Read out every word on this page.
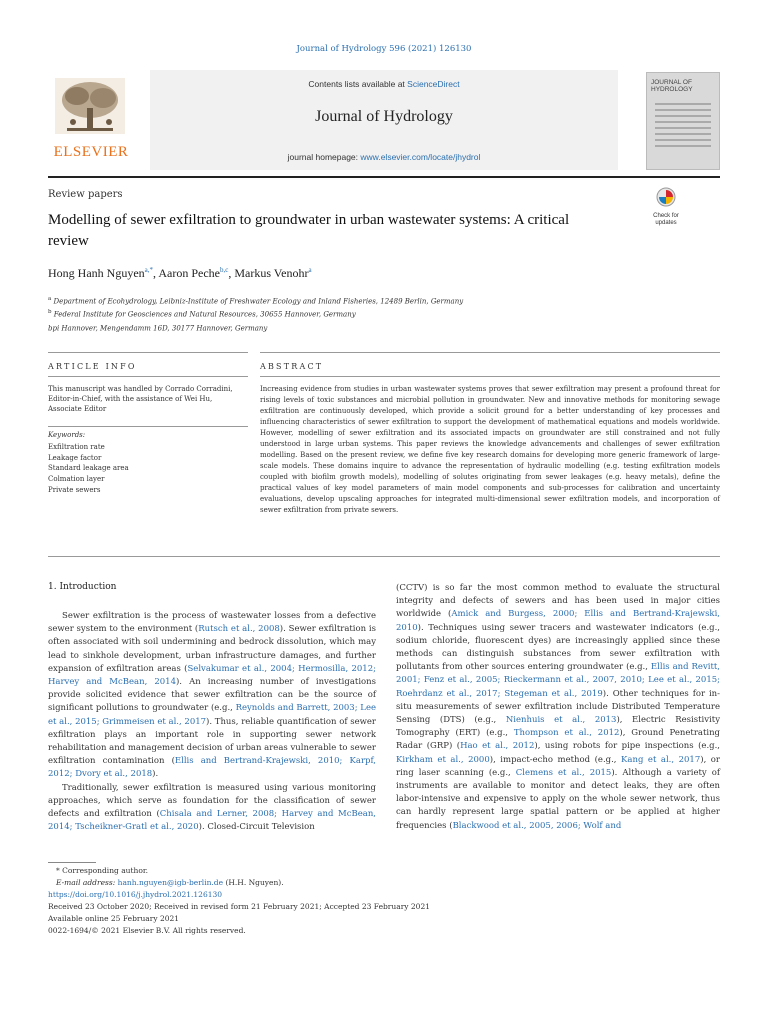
Journal of Hydrology 596 (2021) 126130
ELSEVIER
Contents lists available at ScienceDirect
Journal of Hydrology
journal homepage: www.elsevier.com/locate/jhydrol
JOURNAL OF HYDROLOGY
Review papers
Modelling of sewer exfiltration to groundwater in urban wastewater systems: A critical review
Check for updates
Hong Hanh Nguyen$^{a,*}$, Aaron Peche$^{b,c}$, Markus Venohr$^a$
$^a$ Department of Ecohydrology, Leibniz-Institute of Freshwater Ecology and Inland Fisheries, 12489 Berlin, Germany
$^b$ Federal Institute for Geosciences and Natural Resources, 30655 Hannover, Germany
bpi Hannover, Mengendamm 16D, 30177 Hannover, Germany
ARTICLE INFO	ABSTRACT
This manuscript was handled by Corrado Corradini, Editor-in-Chief, with the assistance of Wei Hu, Associate Editor
Keywords:
Exfiltration rate
Leakage factor
Standard leakage area
Colmation layer
Private sewers
Increasing evidence from studies in urban wastewater systems proves that sewer exfiltration may present a profound threat for rising levels of toxic substances and microbial pollution in groundwater. New and innovative methods for monitoring sewage exfiltration are continuously developed, which provide a solicit ground for a better understanding of key processes and influencing characteristics of sewer exfiltration to support the development of mathematical equations and models worldwide. However, modelling of sewer exfiltration and its associated impacts on groundwater are still constrained and not fully understood in large urban systems. This paper reviews the knowledge advancements and challenges of sewer exfiltration modelling. Based on the present review, we define five key research domains for developing more generic framework of large-scale models. These domains inquire to advance the representation of hydraulic modelling (e.g. testing exfiltration models coupled with biofilm growth models), modelling of solutes originating from sewer leakages (e.g. heavy metals), define the practical values of key model parameters of main model components and sub-processes for calibration and uncertainty evaluations, develop upscaling approaches for integrated multi-dimensional sewer exfiltration models, and incorporation of sewer exfiltration from private sewers.
1. Introduction

Sewer exfiltration is the process of wastewater losses from a defective sewer system to the environment (Rutsch et al., 2008). Sewer exfiltration is often associated with soil undermining and bedrock dissolution, which may lead to sinkhole development, urban infrastructure damages, and further expansion of exfiltration areas (Selvakumar et al., 2004; Hermosilla, 2012; Harvey and McBean, 2014). An increasing number of investigations provide solicited evidence that sewer exfiltration can be the source of significant pollutions to groundwater (e.g., Reynolds and Barrett, 2003; Lee et al., 2015; Grimmeisen et al., 2017). Thus, reliable quantification of sewer exfiltration plays an important role in supporting sewer network rehabilitation and management decision of urban areas vulnerable to sewer exfiltration contamination (Ellis and Bertrand-Krajewski, 2010; Karpf, 2012; Dvory et al., 2018).

Traditionally, sewer exfiltration is measured using various monitoring approaches, which serve as foundation for the classification of sewer defects and exfiltration (Chisala and Lerner, 2008; Harvey and McBean, 2014; Tscheikner-Gratl et al., 2020). Closed-Circuit Television

(CCTV) is so far the most common method to evaluate the structural integrity and defects of sewers and has been used in major cities worldwide (Amick and Burgess, 2000; Ellis and Bertrand-Krajewski, 2010). Techniques using sewer tracers and wastewater indicators (e.g., sodium chloride, fluorescent dyes) are increasingly applied since these methods can distinguish substances from sewer exfiltration with pollutants from other sources entering groundwater (e.g., Ellis and Revitt, 2001; Fenz et al., 2005; Rieckermann et al., 2007, 2010; Lee et al., 2015; Roehrdanz et al., 2017; Stegeman et al., 2019). Other techniques for in-situ measurements of sewer exfiltration include Distributed Temperature Sensing (DTS) (e.g., Nienhuis et al., 2013), Electric Resistivity Tomography (ERT) (e.g., Thompson et al., 2012), Ground Penetrating Radar (GRP) (Hao et al., 2012), using robots for pipe inspections (e.g., Kirkham et al., 2000), impact-echo method (e.g., Kang et al., 2017), or ring laser scanning (e.g., Clemens et al., 2015). Although a variety of instruments are available to monitor and detect leaks, they are often labor-intensive and expensive to apply on the whole sewer network, thus can hardly represent large spatial pattern or be applied at higher frequencies (Blackwood et al., 2005, 2006; Wolf and

* Corresponding author.
E-mail address: hanh.nguyen@igb-berlin.de (H.H. Nguyen).
https://doi.org/10.1016/j.jhydrol.2021.126130
Received 23 October 2020; Received in revised form 21 February 2021; Accepted 23 February 2021
Available online 25 February 2021
0022-1694/© 2021 Elsevier B.V. All rights reserved.
